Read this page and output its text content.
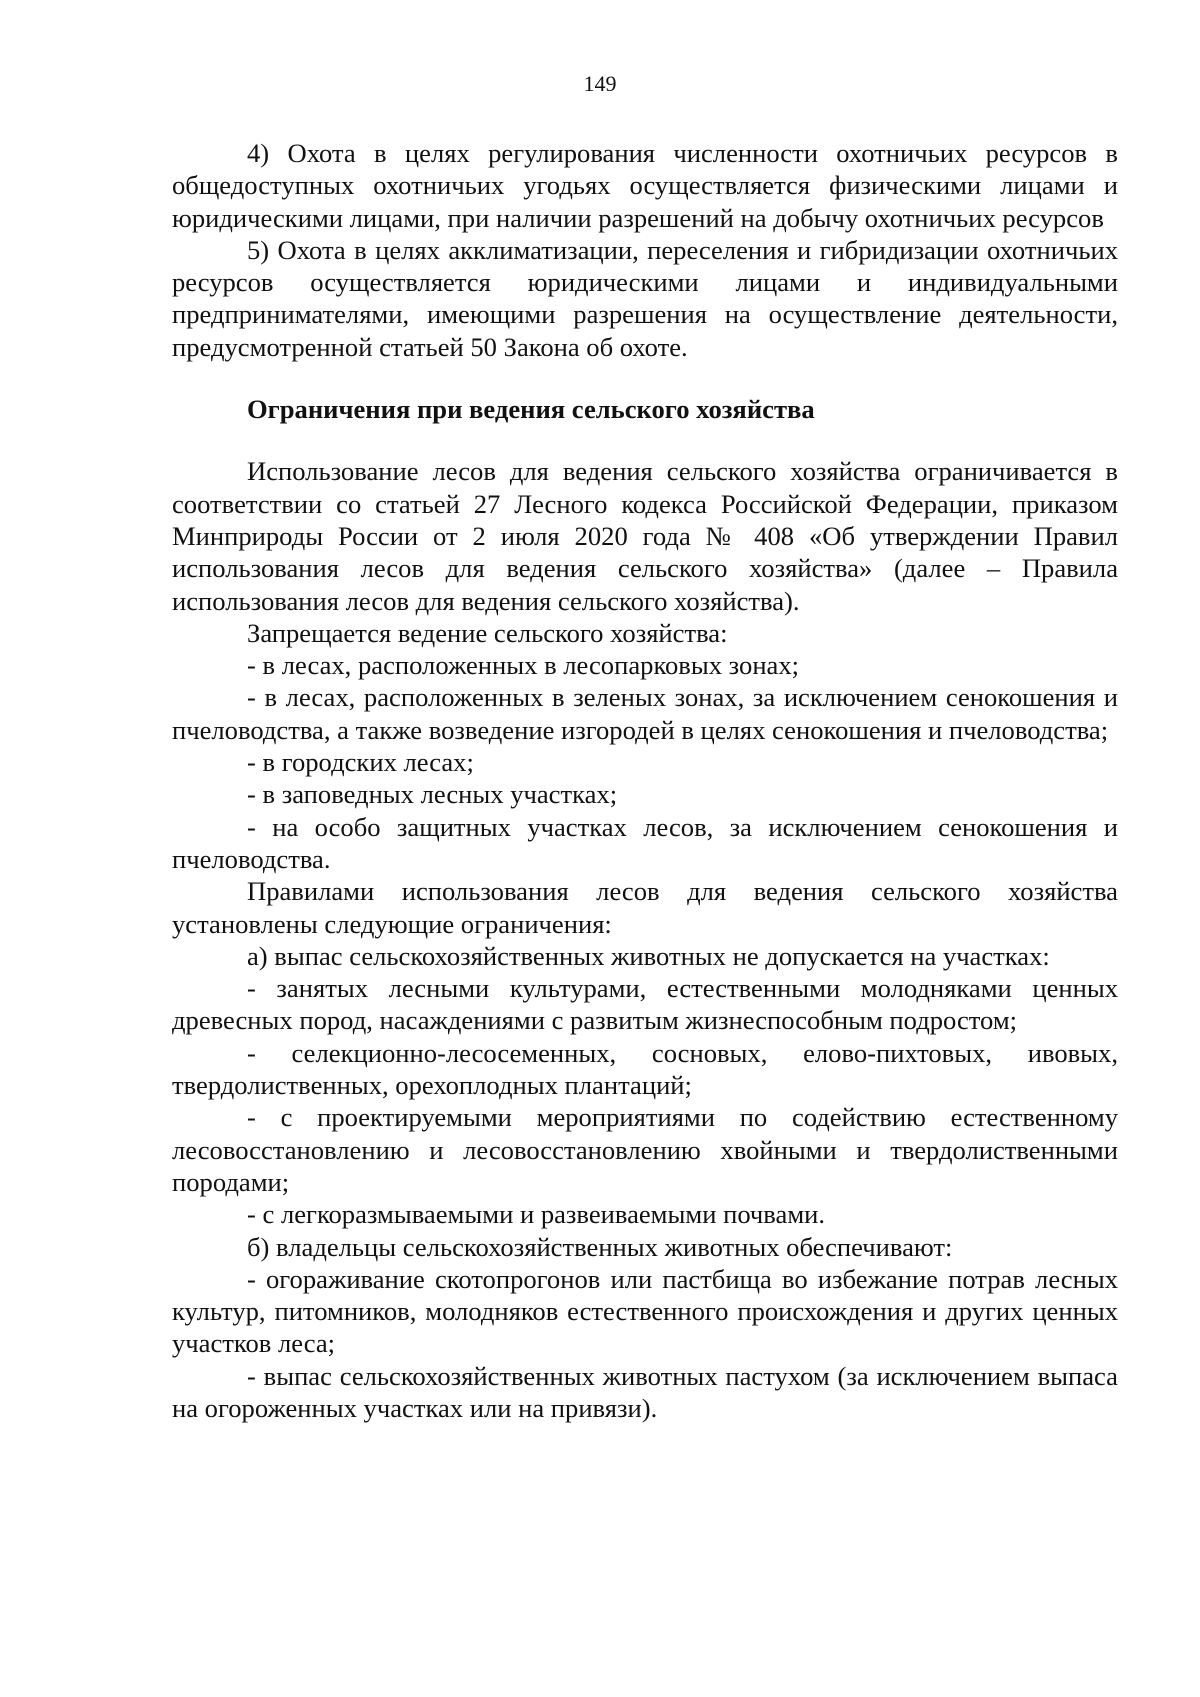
149

4) Охота в целях регулирования численности охотничьих ресурсов в общедоступных охотничьих угодьях осуществляется физическими лицами и юридическими лицами, при наличии разрешений на добычу охотничьих ресурсов

5) Охота в целях акклиматизации, переселения и гибридизации охотничьих ресурсов осуществляется юридическими лицами и индивидуальными предпринимателями, имеющими разрешения на осуществление деятельности, предусмотренной статьей 50 Закона об охоте.

Ограничения при ведения сельского хозяйства

Использование лесов для ведения сельского хозяйства ограничивается в соответствии со статьей 27 Лесного кодекса Российской Федерации, приказом Минприроды России от 2 июля 2020 года № 408 «Об утверждении Правил использования лесов для ведения сельского хозяйства» (далее – Правила использования лесов для ведения сельского хозяйства).

Запрещается ведение сельского хозяйства:

- в лесах, расположенных в лесопарковых зонах;

- в лесах, расположенных в зеленых зонах, за исключением сенокошения и пчеловодства, а также возведение изгородей в целях сенокошения и пчеловодства;

- в городских лесах;

- в заповедных лесных участках;

- на особо защитных участках лесов, за исключением сенокошения и пчеловодства.

Правилами использования лесов для ведения сельского хозяйства установлены следующие ограничения:

а) выпас сельскохозяйственных животных не допускается на участках:

- занятых лесными культурами, естественными молодняками ценных древесных пород, насаждениями с развитым жизнеспособным подростом;

- селекционно-лесосеменных, сосновых, елово-пихтовых, ивовых, твердолиственных, орехоплодных плантаций;

- с проектируемыми мероприятиями по содействию естественному лесовосстановлению и лесовосстановлению хвойными и твердолиственными породами;

- с легкоразмываемыми и развеиваемыми почвами.

б) владельцы сельскохозяйственных животных обеспечивают:

- огораживание скотопрогонов или пастбища во избежание потрав лесных культур, питомников, молодняков естественного происхождения и других ценных участков леса;

- выпас сельскохозяйственных животных пастухом (за исключением выпаса на огороженных участках или на привязи).
